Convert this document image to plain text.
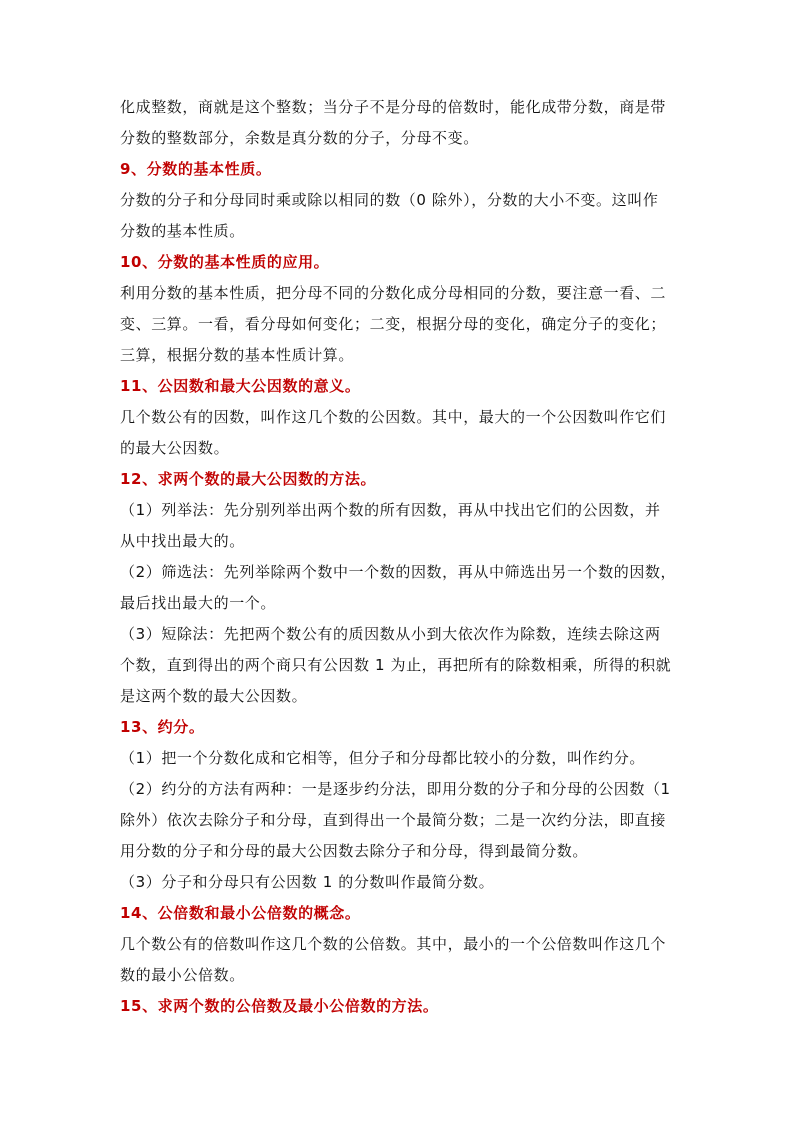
化成整数，商就是这个整数；当分子不是分母的倍数时，能化成带分数，商是带
分数的整数部分，余数是真分数的分子，分母不变。
9、分数的基本性质。
分数的分子和分母同时乘或除以相同的数（0 除外），分数的大小不变。这叫作
分数的基本性质。
10、分数的基本性质的应用。
利用分数的基本性质，把分母不同的分数化成分母相同的分数，要注意一看、二
变、三算。一看，看分母如何变化；二变，根据分母的变化，确定分子的变化；
三算，根据分数的基本性质计算。
11、公因数和最大公因数的意义。
几个数公有的因数，叫作这几个数的公因数。其中，最大的一个公因数叫作它们
的最大公因数。
12、求两个数的最大公因数的方法。
（1）列举法：先分别列举出两个数的所有因数，再从中找出它们的公因数，并
从中找出最大的。
（2）筛选法：先列举除两个数中一个数的因数，再从中筛选出另一个数的因数，
最后找出最大的一个。
（3）短除法：先把两个数公有的质因数从小到大依次作为除数，连续去除这两
个数，直到得出的两个商只有公因数 1 为止，再把所有的除数相乘，所得的积就
是这两个数的最大公因数。
13、约分。
（1）把一个分数化成和它相等，但分子和分母都比较小的分数，叫作约分。
（2）约分的方法有两种：一是逐步约分法，即用分数的分子和分母的公因数（1
除外）依次去除分子和分母，直到得出一个最简分数；二是一次约分法，即直接
用分数的分子和分母的最大公因数去除分子和分母，得到最简分数。
（3）分子和分母只有公因数 1 的分数叫作最简分数。
14、公倍数和最小公倍数的概念。
几个数公有的倍数叫作这几个数的公倍数。其中，最小的一个公倍数叫作这几个
数的最小公倍数。
15、求两个数的公倍数及最小公倍数的方法。
